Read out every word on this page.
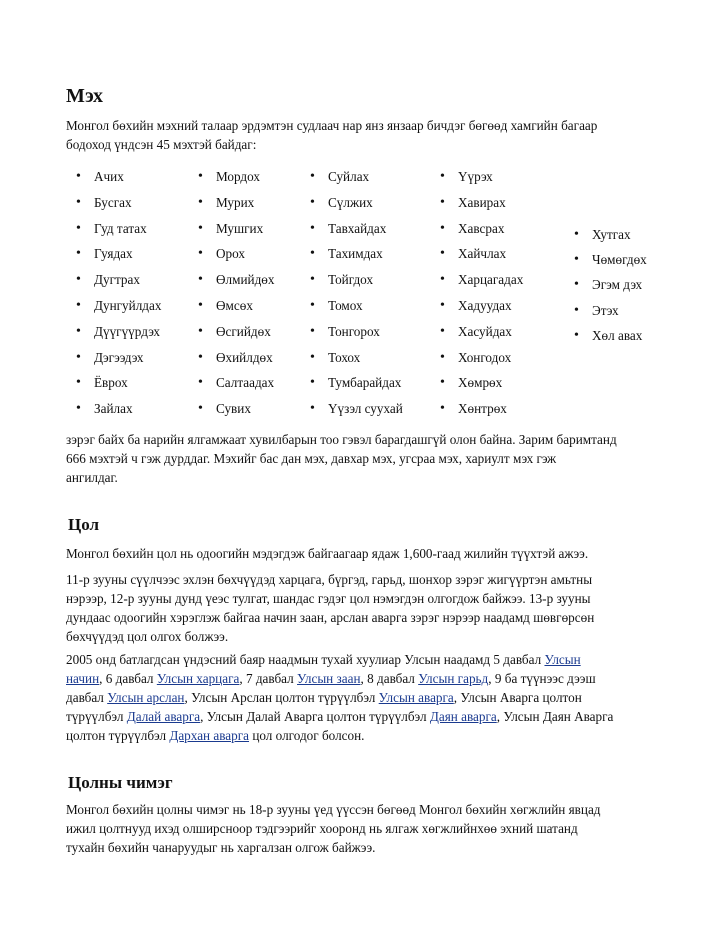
Мэх

Монгол бөхийн мэхний талаар эрдэмтэн судлаач нар янз янзаар бичдэг бөгөөд хамгийн багаар

бодоход үндсэн 45 мэхтэй байдаг:

• Ачих
• Бусгах
• Гуд татах
• Гуядах
• Дугтрах
• Дунгуйлдах
• Дүүгүүрдэх
• Дэгээдэх
• Ёврох
• Зайлах
• Мордох
• Мурих
• Мушгих
• Орох
• Өлмийдөх
• Өмсөх
• Өсгийдөх
• Өхийлдөх
• Салтаадах
• Сувих
• Суйлах
• Сүлжих
• Тавхайдах
• Тахимдах
• Тойгдох
• Томох
• Тонгорох
• Тохох
• Тумбарайдах
• Үүзэл суухай
• Үүрэх
• Хавирах
• Хавсрах
• Хайчлах
• Харцагадах
• Хадуудах
• Хасуйдах
• Хонгодох
• Хөмрөх
• Хөнтрөх
• Хутгах
• Чөмөгдөх
• Эгэм дэх
• Этэх
• Хөл авах

зэрэг байх ба нарийн ялгамжаат хувилбарын тоо гэвэл барагдашгүй олон байна. Зарим баримтанд

666 мэхтэй ч гэж дурддаг. Мэхийг бас дан мэх, давхар мэх, угсраа мэх, хариулт мэх гэж

ангилдаг.

Цол

Монгол бөхийн цол нь одоогийн мэдэгдэж байгаагаар ядаж 1,600-гаад жилийн түүхтэй ажээ.

11-р зууны сүүлчээс эхлэн бөхчүүдэд харцага, бүргэд, гарьд, шонхор зэрэг жигүүртэн амьтны

нэрээр, 12-р зууны дунд үеэс тулгат, шандас гэдэг цол нэмэгдэн олгогдож байжээ. 13-р зууны

дундаас одоогийн хэрэглэж байгаа начин заан, арслан аварга зэрэг нэрээр наадамд шөвгөрсөн

бөхчүүдэд цол олгох болжээ.

2005 онд батлагдсан үндэсний баяр наадмын тухай хуулиар Улсын наадамд 5 давбал Улсын

начин, 6 давбал Улсын харцага, 7 давбал Улсын заан, 8 давбал Улсын гарьд, 9 ба түүнээс дээш

давбал Улсын арслан, Улсын Арслан цолтон түрүүлбэл Улсын аварга, Улсын Аварга цолтон

түрүүлбэл Далай аварга, Улсын Далай Аварга цолтон түрүүлбэл Даян аварга, Улсын Даян Аварга

цолтон түрүүлбэл Дархан аварга цол олгодог болсон.

Цолны чимэг

Монгол бөхийн цолны чимэг нь 18-р зууны үед үүссэн бөгөөд Монгол бөхийн хөгжлийн явцад

ижил цолтнууд ихэд олширсноор тэдгээрийг хооронд нь ялгаж хөгжлийнхөө эхний шатанд

тухайн бөхийн чанаруудыг нь харгалзан олгож байжээ.
